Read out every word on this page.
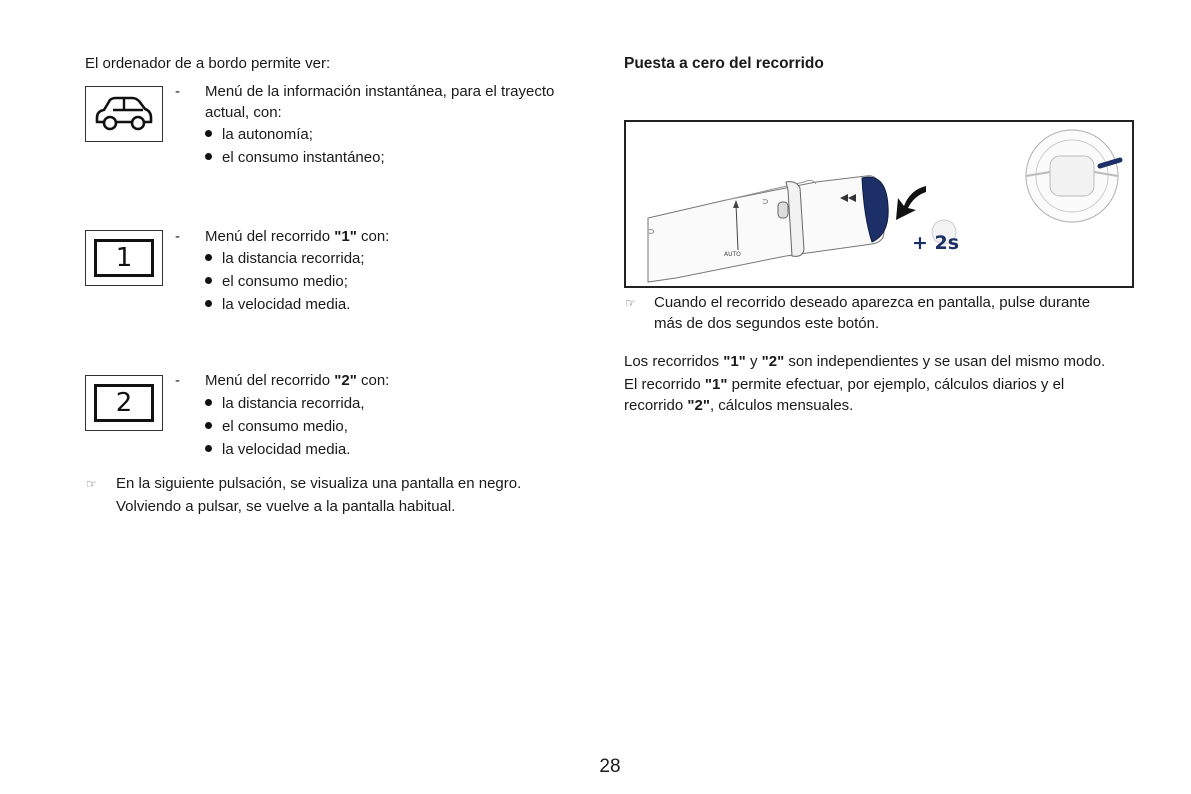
El ordenador de a bordo permite ver:
- Menú de la información instantánea, para el trayecto
actual, con:
la autonomía;
el consumo instantáneo;
1
- Menú del recorrido "1" con:
la distancia recorrida;
el consumo medio;
la velocidad media.
2
- Menú del recorrido "2" con:
la distancia recorrida,
el consumo medio,
la velocidad media.
☞ En la siguiente pulsación, se visualiza una pantalla en negro.
Volviendo a pulsar, se vuelve a la pantalla habitual.
Puesta a cero del recorrido
⊃
⊃
AUTO
+ 2s
☞ Cuando el recorrido deseado aparezca en pantalla, pulse durante
más de dos segundos este botón.
Los recorridos "1" y "2" son independientes y se usan del mismo modo.
El recorrido "1" permite efectuar, por ejemplo, cálculos diarios y el
recorrido "2", cálculos mensuales.
28
